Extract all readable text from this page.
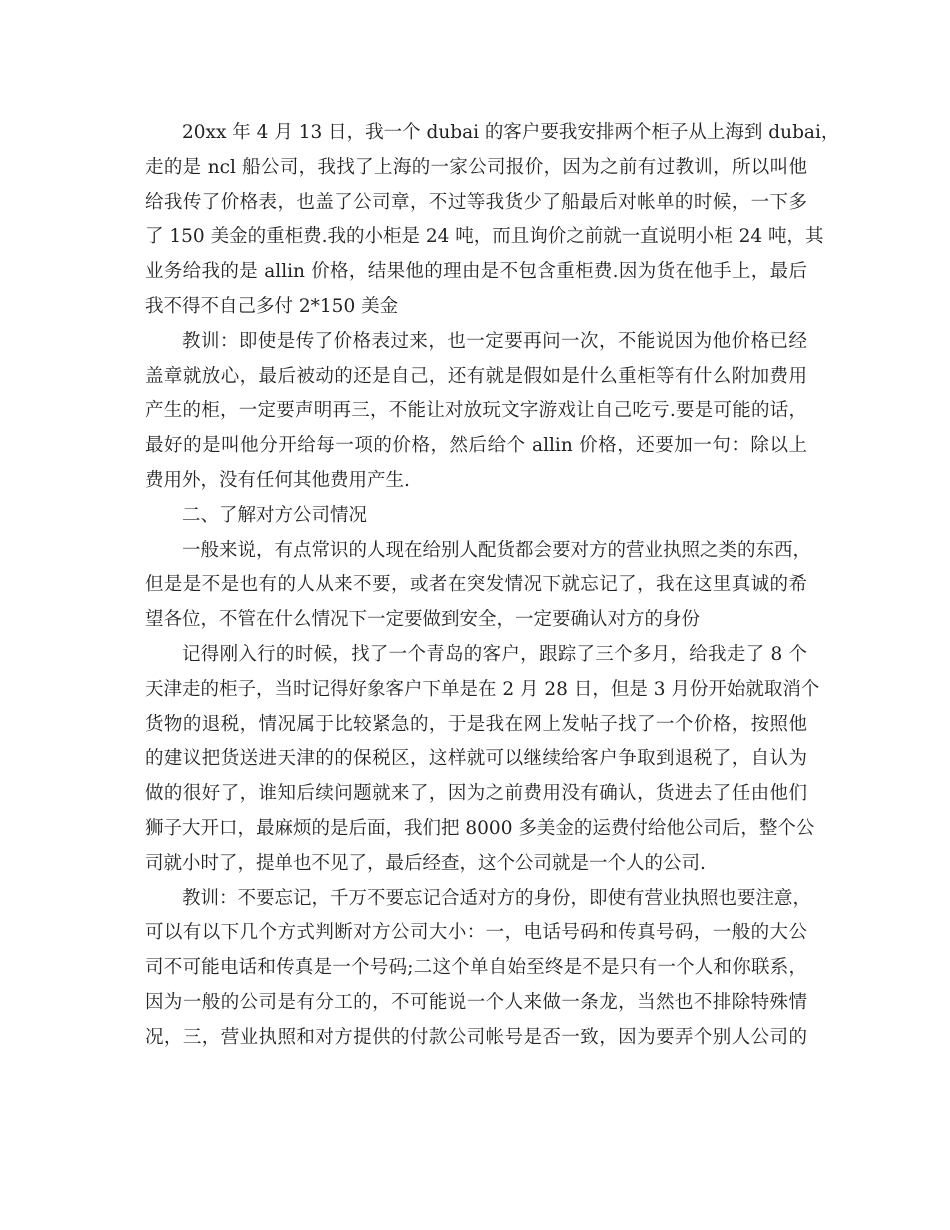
20xx 年 4 月 13 日，我一个 dubai 的客户要我安排两个柜子从上海到 dubai，
走的是 ncl 船公司，我找了上海的一家公司报价，因为之前有过教训，所以叫他
给我传了价格表，也盖了公司章，不过等我货少了船最后对帐单的时候，一下多
了 150 美金的重柜费.我的小柜是 24 吨，而且询价之前就一直说明小柜 24 吨，其
业务给我的是 allin 价格，结果他的理由是不包含重柜费.因为货在他手上，最后
我不得不自己多付 2*150 美金
教训：即使是传了价格表过来，也一定要再问一次，不能说因为他价格已经
盖章就放心，最后被动的还是自己，还有就是假如是什么重柜等有什么附加费用
产生的柜，一定要声明再三，不能让对放玩文字游戏让自己吃亏.要是可能的话，
最好的是叫他分开给每一项的价格，然后给个 allin 价格，还要加一句：除以上
费用外，没有任何其他费用产生.
二、了解对方公司情况
一般来说，有点常识的人现在给别人配货都会要对方的营业执照之类的东西，
但是是不是也有的人从来不要，或者在突发情况下就忘记了，我在这里真诚的希
望各位，不管在什么情况下一定要做到安全，一定要确认对方的身份
记得刚入行的时候，找了一个青岛的客户，跟踪了三个多月，给我走了 8 个
天津走的柜子，当时记得好象客户下单是在 2 月 28 日，但是 3 月份开始就取消个
货物的退税，情况属于比较紧急的，于是我在网上发帖子找了一个价格，按照他
的建议把货送进天津的的保税区，这样就可以继续给客户争取到退税了，自认为
做的很好了，谁知后续问题就来了，因为之前费用没有确认，货进去了任由他们
狮子大开口，最麻烦的是后面，我们把 8000 多美金的运费付给他公司后，整个公
司就小时了，提单也不见了，最后经查，这个公司就是一个人的公司.
教训：不要忘记，千万不要忘记合适对方的身份，即使有营业执照也要注意，
可以有以下几个方式判断对方公司大小：一，电话号码和传真号码，一般的大公
司不可能电话和传真是一个号码;二这个单自始至终是不是只有一个人和你联系，
因为一般的公司是有分工的，不可能说一个人来做一条龙，当然也不排除特殊情
况，三，营业执照和对方提供的付款公司帐号是否一致，因为要弄个别人公司的
